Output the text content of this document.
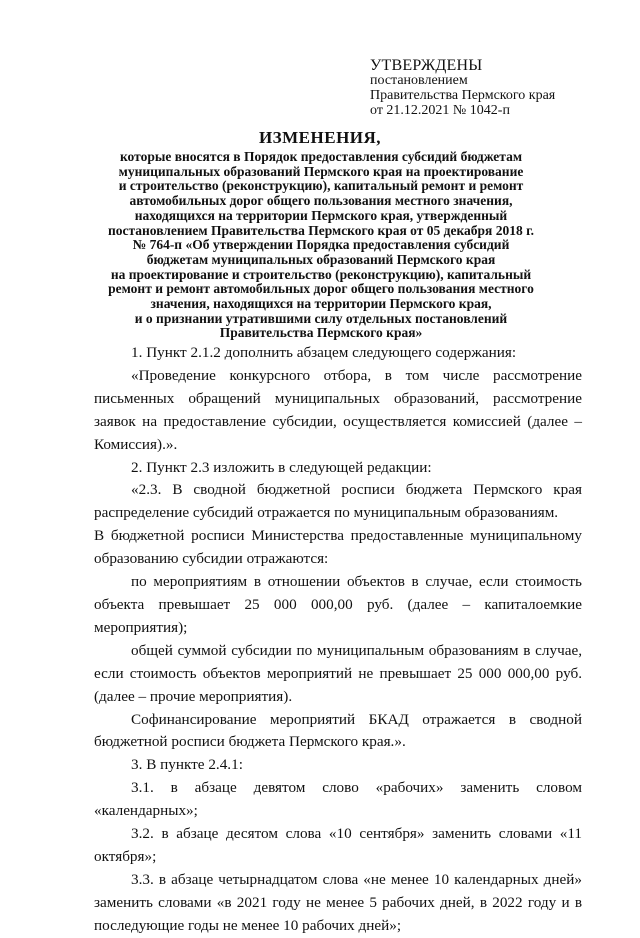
УТВЕРЖДЕНЫ
постановлением
Правительства Пермского края
от 21.12.2021 № 1042-п
ИЗМЕНЕНИЯ,
которые вносятся в Порядок предоставления субсидий бюджетам
муниципальных образований Пермского края на проектирование
и строительство (реконструкцию), капитальный ремонт и ремонт
автомобильных дорог общего пользования местного значения,
находящихся на территории Пермского края, утвержденный
постановлением Правительства Пермского края от 05 декабря 2018 г.
№ 764-п «Об утверждении Порядка предоставления субсидий
бюджетам муниципальных образований Пермского края
на проектирование и строительство (реконструкцию), капитальный
ремонт и ремонт автомобильных дорог общего пользования местного
значения, находящихся на территории Пермского края,
и о признании утратившими силу отдельных постановлений
Правительства Пермского края»

1. Пункт 2.1.2 дополнить абзацем следующего содержания:

«Проведение конкурсного отбора, в том числе рассмотрение письменных обращений муниципальных образований, рассмотрение заявок на предоставление субсидии, осуществляется комиссией (далее – Комиссия).».

2. Пункт 2.3 изложить в следующей редакции:

«2.3. В сводной бюджетной росписи бюджета Пермского края распределение субсидий отражается по муниципальным образованиям.

В бюджетной росписи Министерства предоставленные муниципальному образованию субсидии отражаются:

по мероприятиям в отношении объектов в случае, если стоимость объекта превышает 25 000 000,00 руб. (далее – капиталоемкие мероприятия);

общей суммой субсидии по муниципальным образованиям в случае, если стоимость объектов мероприятий не превышает 25 000 000,00 руб. (далее – прочие мероприятия).

Софинансирование мероприятий БКАД отражается в сводной бюджетной росписи бюджета Пермского края.».

3. В пункте 2.4.1:

3.1. в абзаце девятом слово «рабочих» заменить словом «календарных»;

3.2. в абзаце десятом слова «10 сентября» заменить словами «11 октября»;

3.3. в абзаце четырнадцатом слова «не менее 10 календарных дней» заменить словами «в 2021 году не менее 5 рабочих дней, в 2022 году и в последующие годы не менее 10 рабочих дней»;
